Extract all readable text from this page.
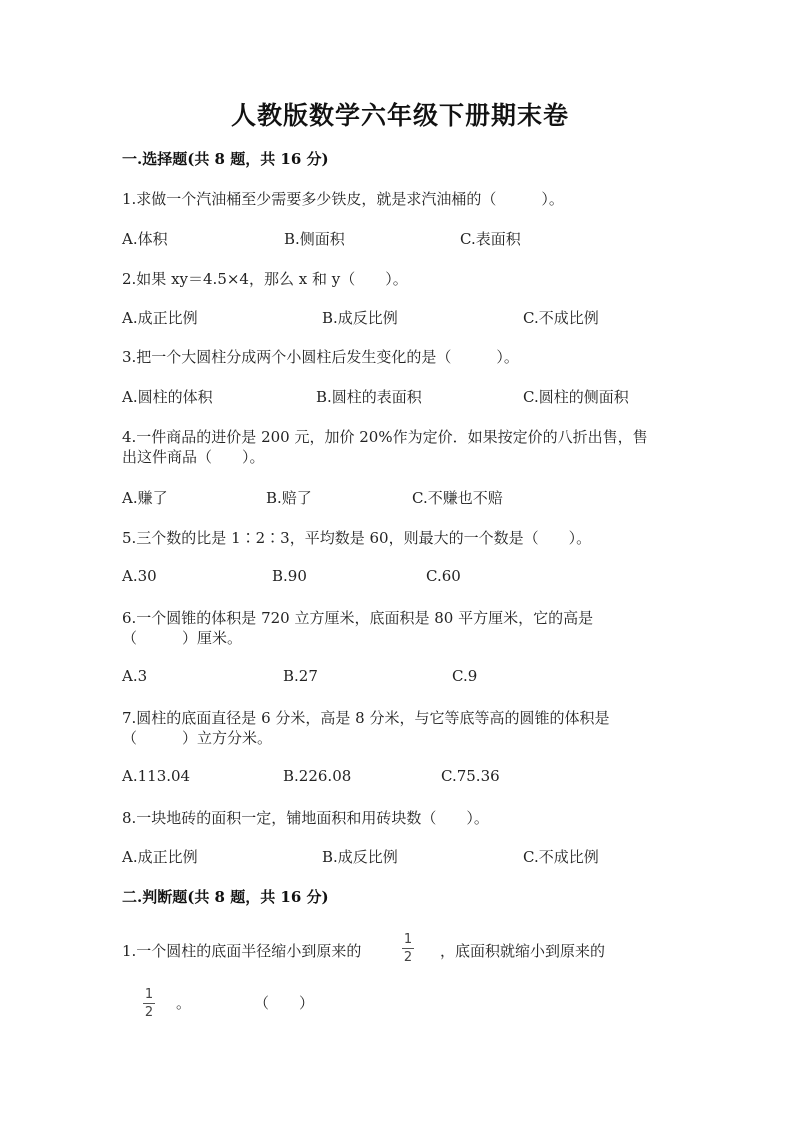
人教版数学六年级下册期末卷
一.选择题(共 8 题，共 16 分)
1.求做一个汽油桶至少需要多少铁皮，就是求汽油桶的（　　　）。
A.体积	B.侧面积	C.表面积
2.如果 xy＝4.5×4，那么 x 和 y（　　）。
A.成正比例	B.成反比例	C.不成比例
3.把一个大圆柱分成两个小圆柱后发生变化的是（　　　）。
A.圆柱的体积	B.圆柱的表面积	C.圆柱的侧面积
4.一件商品的进价是 200 元，加价 20%作为定价．如果按定价的八折出售，售
出这件商品（　　）。
A.赚了	B.赔了	C.不赚也不赔
5.三个数的比是 1∶2∶3，平均数是 60，则最大的一个数是（　　）。
A.30	B.90	C.60
6.一个圆锥的体积是 720 立方厘米，底面积是 80 平方厘米，它的高是
（　　　）厘米。
A.3	B.27	C.9
7.圆柱的底面直径是 6 分米，高是 8 分米，与它等底等高的圆锥的体积是
（　　　）立方分米。
A.113.04	B.226.08	C.75.36
8.一块地砖的面积一定，铺地面积和用砖块数（　　）。
A.成正比例	B.成反比例	C.不成比例
二.判断题(共 8 题，共 16 分)
1.一个圆柱的底面半径缩小到原来的
1
2 ，底面积就缩小到原来的
1
2
。	（　　）
